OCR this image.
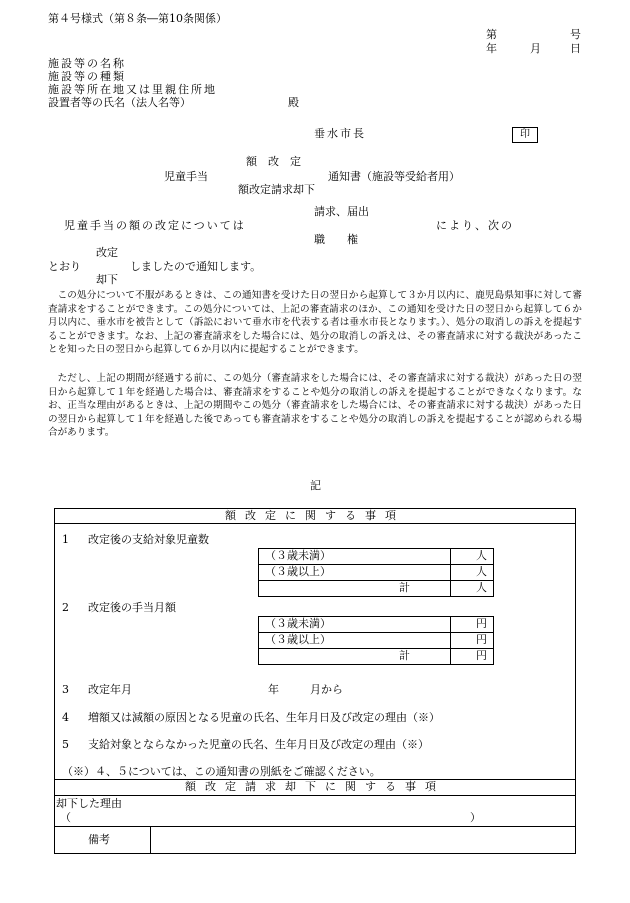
第４号様式（第８条―第10条関係）
第	号
年	月	日
施設等の名称
施設等の種類
施設等所在地又は里親住所地
設置者等の氏名（法人名等）	殿
垂水市長	印
額　改　定
児童手当	通知書（施設等受給者用）
額改定請求却下
請求、届出
児童手当の額の改定については	により、次の
職　　権
改定
とおり	しましたので通知します。
却下
この処分について不服があるときは、この通知書を受けた日の翌日から起算して３か月以内に、鹿児島県知事に対して審査請求をすることができます。この処分については、上記の審査請求のほか、この通知を受けた日の翌日から起算して６か月以内に、垂水市を被告として（訴訟において垂水市を代表する者は垂水市長となります。）、処分の取消しの訴えを提起することができます。なお、上記の審査請求をした場合には、処分の取消しの訴えは、その審査請求に対する裁決があったことを知った日の翌日から起算して６か月以内に提起することができます。
ただし、上記の期間が経過する前に、この処分（審査請求をした場合には、その審査請求に対する裁決）があった日の翌日から起算して１年を経過した場合は、審査請求をすることや処分の取消しの訴えを提起することができなくなります。なお、正当な理由があるときは、上記の期間やこの処分（審査請求をした場合には、その審査請求に対する裁決）があった日の翌日から起算して１年を経過した後であっても審査請求をすることや処分の取消しの訴えを提起することが認められる場合があります。
記
額改定に関する事項
1 改定後の支給対象児童数
（３歳未満）	人
（３歳以上）	人
計	人
2 改定後の手当月額
（３歳未満）	円
（３歳以上）	円
計	円
3 改定年月	年	月から
4 増額又は減額の原因となる児童の氏名、生年月日及び改定の理由（※）
5 支給対象とならなかった児童の氏名、生年月日及び改定の理由（※）
（※）４、５については、この通知書の別紙をご確認ください。
額改定請求却下に関する事項
却下した理由
（	）
備考
